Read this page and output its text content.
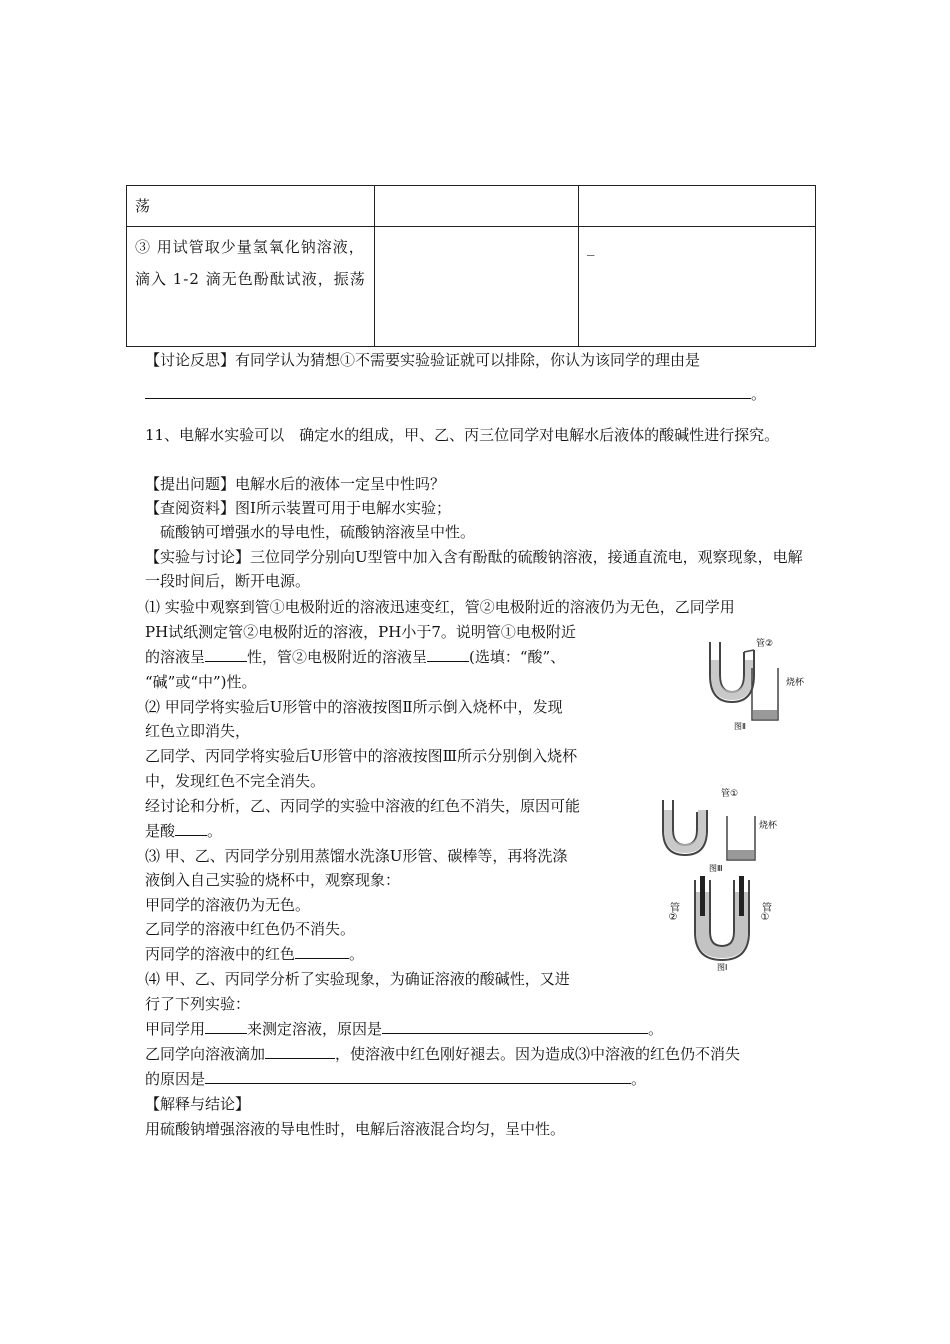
荡		
③ 用试管取少量氢氧化钠溶液，滴入 1-2 滴无色酚酞试液，振荡		_
【讨论反思】有同学认为猜想①不需要实验验证就可以排除，你认为该同学的理由是
。
11、电解水实验可以　确定水的组成，甲、乙、丙三位同学对电解水后液体的酸碱性进行探究。
【提出问题】电解水后的液体一定呈中性吗？
【查阅资料】图Ⅰ所示装置可用于电解水实验；
硫酸钠可增强水的导电性，硫酸钠溶液呈中性。
【实验与讨论】三位同学分别向U型管中加入含有酚酞的硫酸钠溶液，接通直流电，观察现象，电解一段时间后，断开电源。
⑴ 实验中观察到管①电极附近的溶液迅速变红，管②电极附近的溶液仍为无色，乙同学用
PH试纸测定管②电极附近的溶液，PH小于7。说明管①电极附近
的溶液呈	性，管②电极附近的溶液呈	(选填：“酸”、
“碱”或“中”)性。
⑵ 甲同学将实验后U形管中的溶液按图Ⅱ所示倒入烧杯中，发现
红色立即消失，
乙同学、丙同学将实验后U形管中的溶液按图Ⅲ所示分别倒入烧杯
中，发现红色不完全消失。
经讨论和分析，乙、丙同学的实验中溶液的红色不消失，原因可能
是酸 。
⑶ 甲、乙、丙同学分别用蒸馏水洗涤U形管、碳棒等，再将洗涤
液倒入自己实验的烧杯中，观察现象：
甲同学的溶液仍为无色。
乙同学的溶液中红色仍不消失。
丙同学的溶液中的红色	。
⑷ 甲、乙、丙同学分析了实验现象，为确证溶液的酸碱性，又进
行了下列实验：
甲同学用	来测定溶液，原因是	。
乙同学向溶液滴加	，使溶液中红色刚好褪去。因为造成⑶中溶液的红色仍不消失
的原因是	。
【解释与结论】
用硫酸钠增强溶液的导电性时，电解后溶液混合均匀，呈中性。
管②
烧杯
图Ⅱ
管①
烧杯
图Ⅲ
管②	管①
图Ⅰ
